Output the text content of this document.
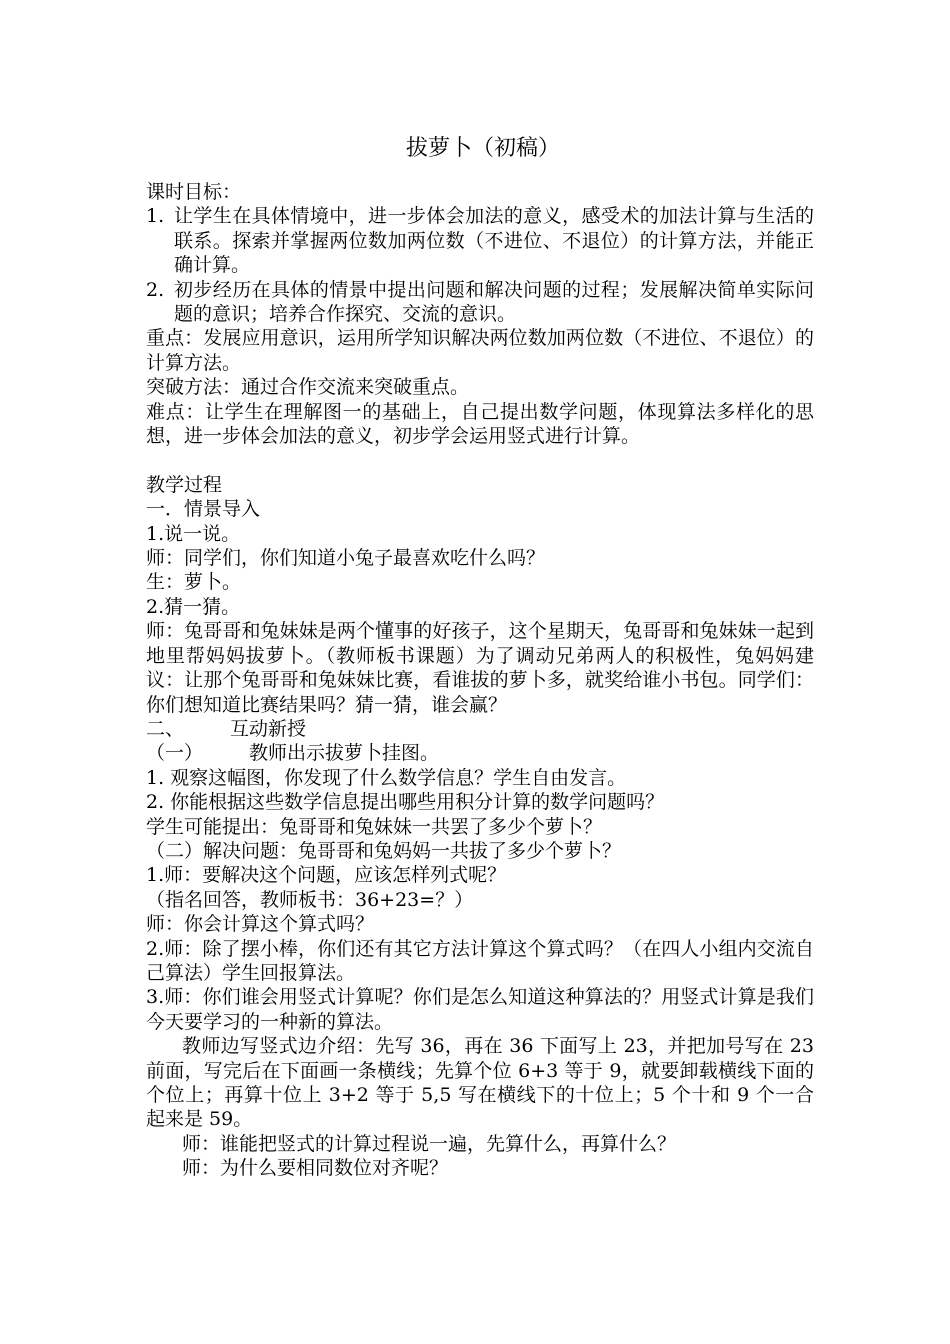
拔萝卜（初稿）

课时目标：

1. 让学生在具体情境中，进一步体会加法的意义，感受术的加法计算与生活的联系。探索并掌握两位数加两位数（不进位、不退位）的计算方法，并能正确计算。
2. 初步经历在具体的情景中提出问题和解决问题的过程；发展解决简单实际问题的意识；培养合作探究、交流的意识。

重点：发展应用意识，运用所学知识解决两位数加两位数（不进位、不退位）的计算方法。

突破方法：通过合作交流来突破重点。

难点：让学生在理解图一的基础上，自己提出数学问题，体现算法多样化的思想，进一步体会加法的意义，初步学会运用竖式进行计算。

教学过程

一．情景导入

1.说一说。

师：同学们，你们知道小兔子最喜欢吃什么吗？

生：萝卜。

2.猜一猜。

师：兔哥哥和兔妹妹是两个懂事的好孩子，这个星期天，兔哥哥和兔妹妹一起到地里帮妈妈拔萝卜。（教师板书课题）为了调动兄弟两人的积极性，兔妈妈建议：让那个兔哥哥和兔妹妹比赛，看谁拔的萝卜多，就奖给谁小书包。同学们：你们想知道比赛结果吗？猜一猜，谁会赢？

二、 互动新授

（一） 教师出示拔萝卜挂图。

1. 观察这幅图，你发现了什么数学信息？学生自由发言。

2. 你能根据这些数学信息提出哪些用积分计算的数学问题吗？

学生可能提出：兔哥哥和兔妹妹一共罢了多少个萝卜？

（二）解决问题：兔哥哥和兔妈妈一共拔了多少个萝卜？

1.师：要解决这个问题，应该怎样列式呢？

（指名回答，教师板书：36+23=？）

师：你会计算这个算式吗？

2.师：除了摆小棒，你们还有其它方法计算这个算式吗？（在四人小组内交流自己算法）学生回报算法。

3.师：你们谁会用竖式计算呢？你们是怎么知道这种算法的？用竖式计算是我们今天要学习的一种新的算法。

教师边写竖式边介绍：先写 36，再在 36 下面写上 23，并把加号写在 23 前面，写完后在下面画一条横线；先算个位 6+3 等于 9，就要卸载横线下面的个位上；再算十位上 3+2 等于 5,5 写在横线下的十位上；5 个十和 9 个一合起来是 59。

师：谁能把竖式的计算过程说一遍，先算什么，再算什么？

师：为什么要相同数位对齐呢？
